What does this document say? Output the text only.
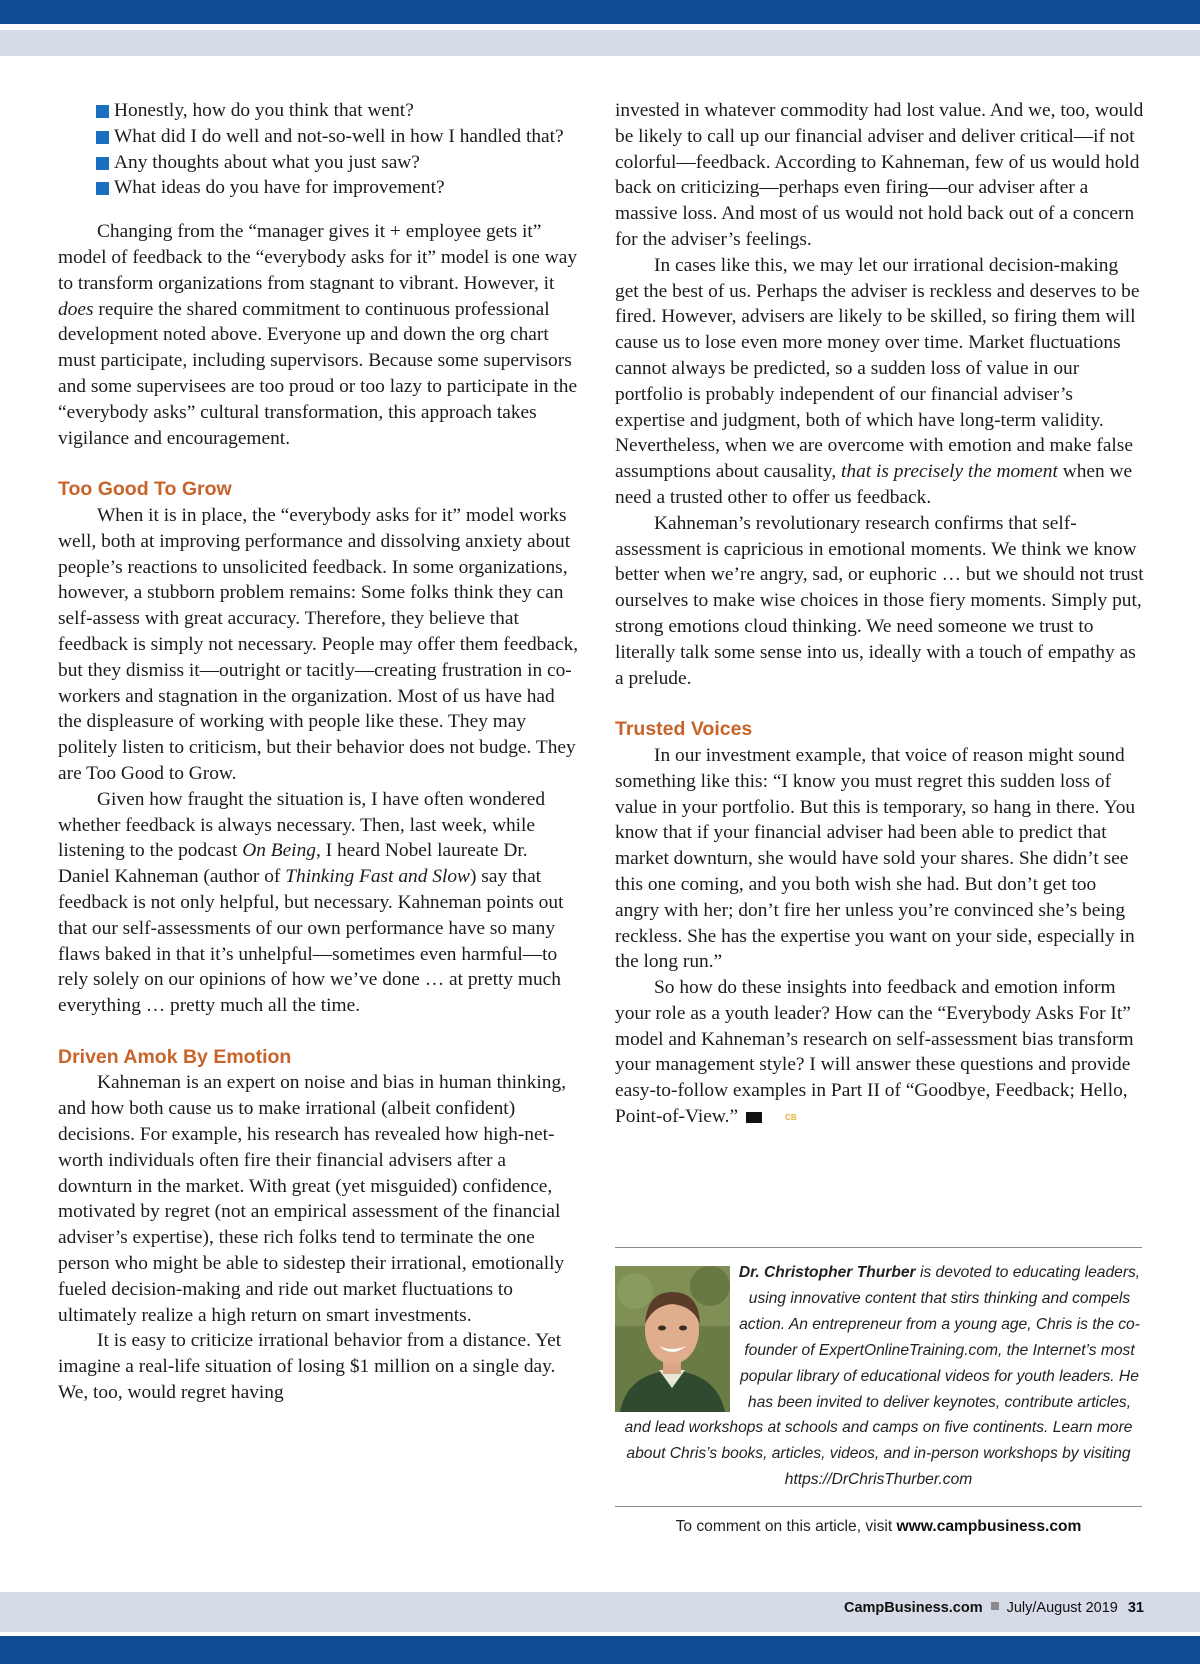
Honestly, how do you think that went?
What did I do well and not-so-well in how I handled that?
Any thoughts about what you just saw?
What ideas do you have for improvement?

Changing from the “manager gives it + employee gets it” model of feedback to the “everybody asks for it” model is one way to transform organizations from stagnant to vibrant. However, it does require the shared commitment to continuous professional development noted above. Everyone up and down the org chart must participate, including supervisors. Because some supervisors and some supervisees are too proud or too lazy to participate in the “everybody asks” cultural transformation, this approach takes vigilance and encouragement.

Too Good To Grow

When it is in place, the “everybody asks for it” model works well, both at improving performance and dissolving anxiety about people’s reactions to unsolicited feedback. In some organizations, however, a stubborn problem remains: Some folks think they can self-assess with great accuracy. Therefore, they believe that feedback is simply not necessary. People may offer them feedback, but they dismiss it—outright or tacitly—creating frustration in co-workers and stagnation in the organization. Most of us have had the displeasure of working with people like these. They may politely listen to criticism, but their behavior does not budge. They are Too Good to Grow.

Given how fraught the situation is, I have often wondered whether feedback is always necessary. Then, last week, while listening to the podcast On Being, I heard Nobel laureate Dr. Daniel Kahneman (author of Thinking Fast and Slow) say that feedback is not only helpful, but necessary. Kahneman points out that our self-assessments of our own performance have so many flaws baked in that it’s unhelpful—sometimes even harmful—to rely solely on our opinions of how we’ve done … at pretty much everything … pretty much all the time.

Driven Amok By Emotion

Kahneman is an expert on noise and bias in human thinking, and how both cause us to make irrational (albeit confident) decisions. For example, his research has revealed how high-net-worth individuals often fire their financial advisers after a downturn in the market. With great (yet misguided) confidence, motivated by regret (not an empirical assessment of the financial adviser’s expertise), these rich folks tend to terminate the one person who might be able to sidestep their irrational, emotionally fueled decision-making and ride out market fluctuations to ultimately realize a high return on smart investments.

It is easy to criticize irrational behavior from a distance. Yet imagine a real-life situation of losing $1 million on a single day. We, too, would regret having

invested in whatever commodity had lost value. And we, too, would be likely to call up our financial adviser and deliver critical—if not colorful—feedback. According to Kahneman, few of us would hold back on criticizing—perhaps even firing—our adviser after a massive loss. And most of us would not hold back out of a concern for the adviser’s feelings.

In cases like this, we may let our irrational decision-making get the best of us. Perhaps the adviser is reckless and deserves to be fired. However, advisers are likely to be skilled, so firing them will cause us to lose even more money over time. Market fluctuations cannot always be predicted, so a sudden loss of value in our portfolio is probably independent of our financial adviser’s expertise and judgment, both of which have long-term validity. Nevertheless, when we are overcome with emotion and make false assumptions about causality, that is precisely the moment when we need a trusted other to offer us feedback.

Kahneman’s revolutionary research confirms that self-assessment is capricious in emotional moments. We think we know better when we’re angry, sad, or euphoric … but we should not trust ourselves to make wise choices in those fiery moments. Simply put, strong emotions cloud thinking. We need someone we trust to literally talk some sense into us, ideally with a touch of empathy as a prelude.

Trusted Voices

In our investment example, that voice of reason might sound something like this: “I know you must regret this sudden loss of value in your portfolio. But this is temporary, so hang in there. You know that if your financial adviser had been able to predict that market downturn, she would have sold your shares. She didn’t see this one coming, and you both wish she had. But don’t get too angry with her; don’t fire her unless you’re convinced she’s being reckless. She has the expertise you want on your side, especially in the long run.”

So how do these insights into feedback and emotion inform your role as a youth leader? How can the “Everybody Asks For It” model and Kahneman’s research on self-assessment bias transform your management style? I will answer these questions and provide easy-to-follow examples in Part II of “Goodbye, Feedback; Hello, Point-of-View.”	CB

Dr. Christopher Thurber is devoted to educating leaders, using innovative content that stirs thinking and compels action. An entrepreneur from a young age, Chris is the co-founder of ExpertOnlineTraining.com, the Internet’s most popular library of educational videos for youth leaders. He has been invited to deliver keynotes, contribute articles, and lead workshops at schools and camps on five continents. Learn more about Chris’s books, articles, videos, and in-person workshops by visiting https://DrChrisThurber.com
To comment on this article, visit www.campbusiness.com
CampBusiness.com July/August 2019 31
